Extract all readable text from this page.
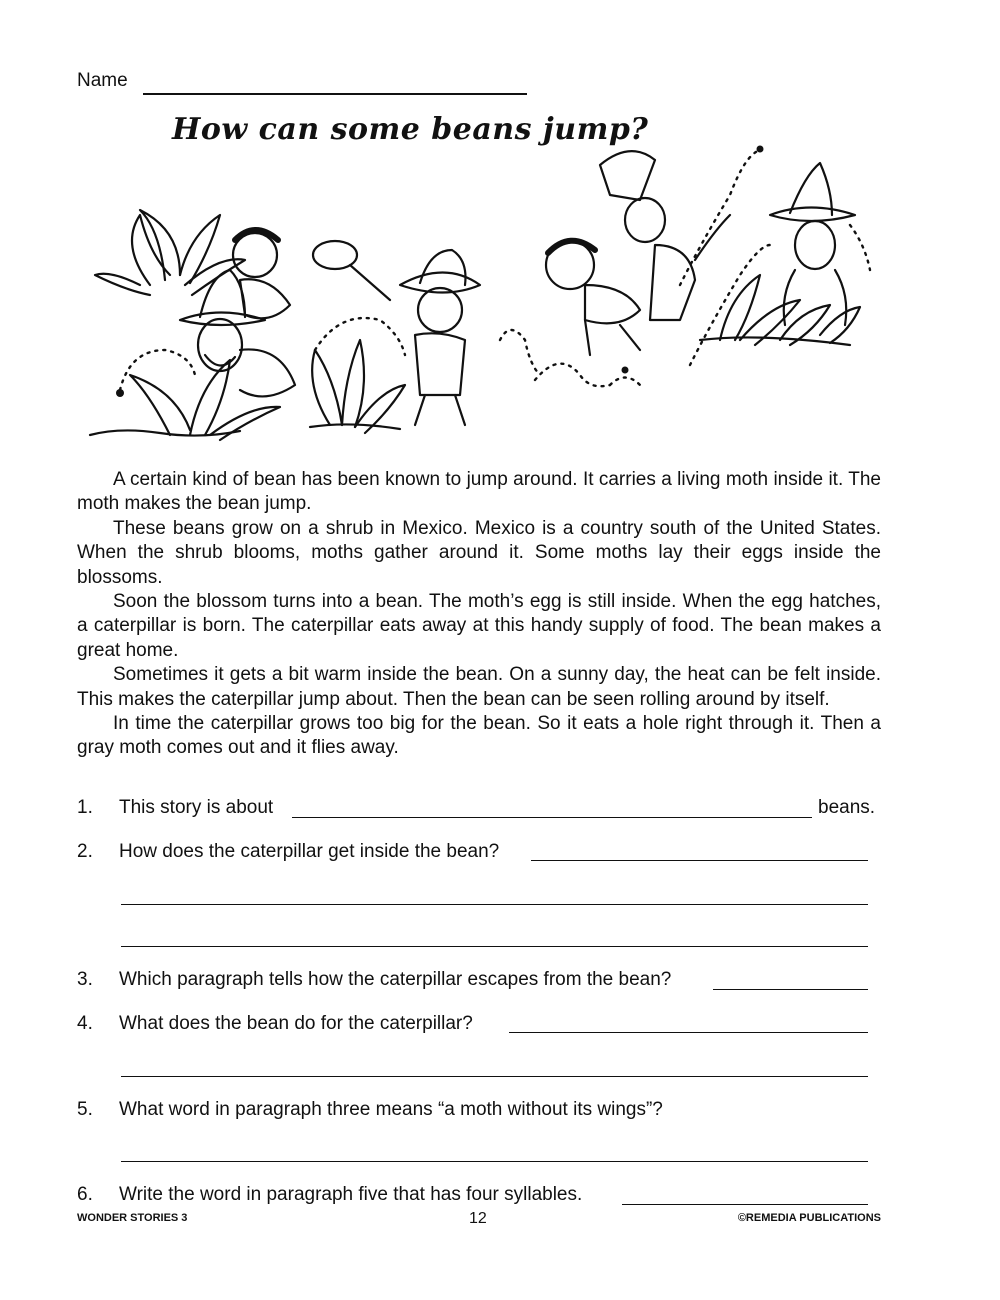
Name
How can some beans jump?

A certain kind of bean has been known to jump around. It carries a living moth inside it. The moth makes the bean jump.

These beans grow on a shrub in Mexico. Mexico is a country south of the United States. When the shrub blooms, moths gather around it. Some moths lay their eggs inside the blossoms.

Soon the blossom turns into a bean. The moth’s egg is still inside. When the egg hatches, a caterpillar is born. The caterpillar eats away at this handy supply of food. The bean makes a great home.

Sometimes it gets a bit warm inside the bean. On a sunny day, the heat can be felt inside. This makes the caterpillar jump about. Then the bean can be seen rolling around by itself.

In time the caterpillar grows too big for the bean. So it eats a hole right through it. Then a gray moth comes out and it flies away.

1. This story is about	beans.
2. How does the caterpillar get inside the bean?
3. Which paragraph tells how the caterpillar escapes from the bean?
4. What does the bean do for the caterpillar?
5. What word in paragraph three means “a moth without its wings”?
6. Write the word in paragraph five that has four syllables.
WONDER STORIES 3	12	©REMEDIA PUBLICATIONS
